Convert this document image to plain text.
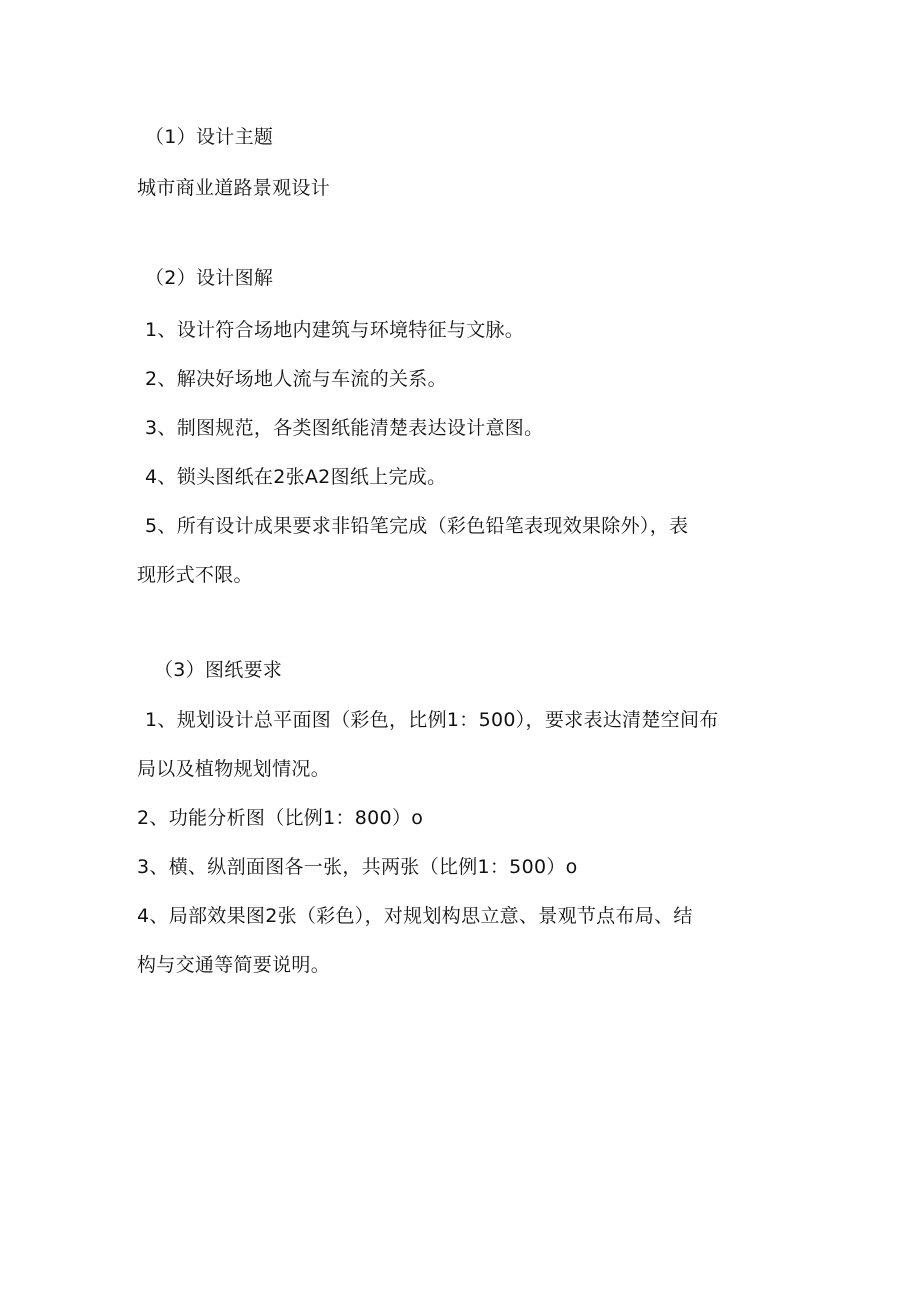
（1）设计主题
城市商业道路景观设计
（2）设计图解
1、设计符合场地内建筑与环境特征与文脉。
2、解决好场地人流与车流的关系。
3、制图规范，各类图纸能清楚表达设计意图。
4、锁头图纸在2张A2图纸上完成。
5、所有设计成果要求非铅笔完成（彩色铅笔表现效果除外），表
现形式不限。
（3）图纸要求
1、规划设计总平面图（彩色，比例1：500），要求表达清楚空间布
局以及植物规划情况。
2、功能分析图（比例1：800）o
3、横、纵剖面图各一张，共两张（比例1：500）o
4、局部效果图2张（彩色），对规划构思立意、景观节点布局、结
构与交通等简要说明。
